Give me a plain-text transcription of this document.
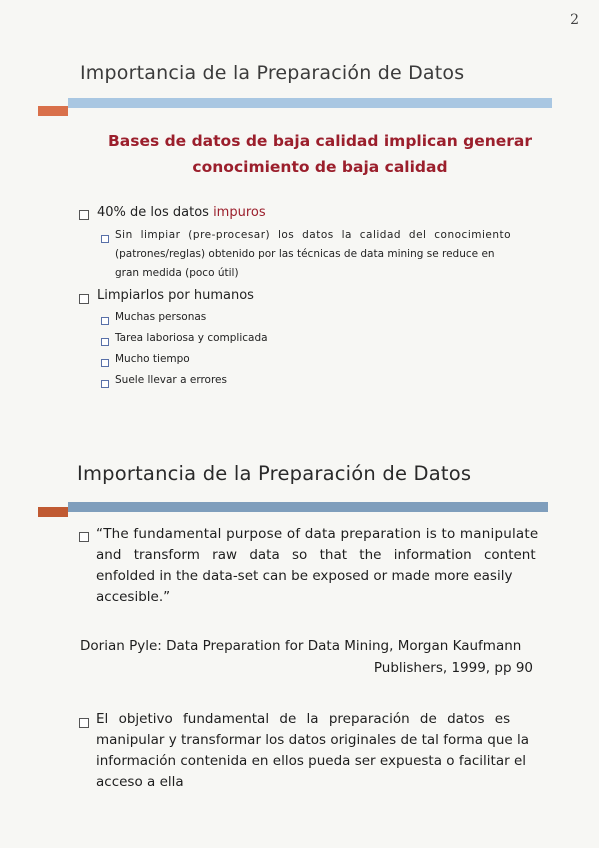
2
Importancia de la Preparación de Datos
Bases de datos de baja calidad implican generar
conocimiento de baja calidad
40% de los datos impuros
Sin limpiar (pre-procesar) los datos la calidad del conocimiento
(patrones/reglas) obtenido por las técnicas de data mining se reduce en
gran medida (poco útil)
Limpiarlos por humanos
Muchas personas
Tarea laboriosa y complicada
Mucho tiempo
Suele llevar a errores
Importancia de la Preparación de Datos
“The fundamental purpose of data preparation is to manipulate
and transform raw data so that the information content
enfolded in the data-set can be exposed or made more easily
accesible.”
Dorian Pyle: Data Preparation for Data Mining, Morgan Kaufmann
Publishers, 1999, pp 90
El objetivo fundamental de la preparación de datos es
manipular y transformar los datos originales de tal forma que la
información contenida en ellos pueda ser expuesta o facilitar el
acceso a ella
